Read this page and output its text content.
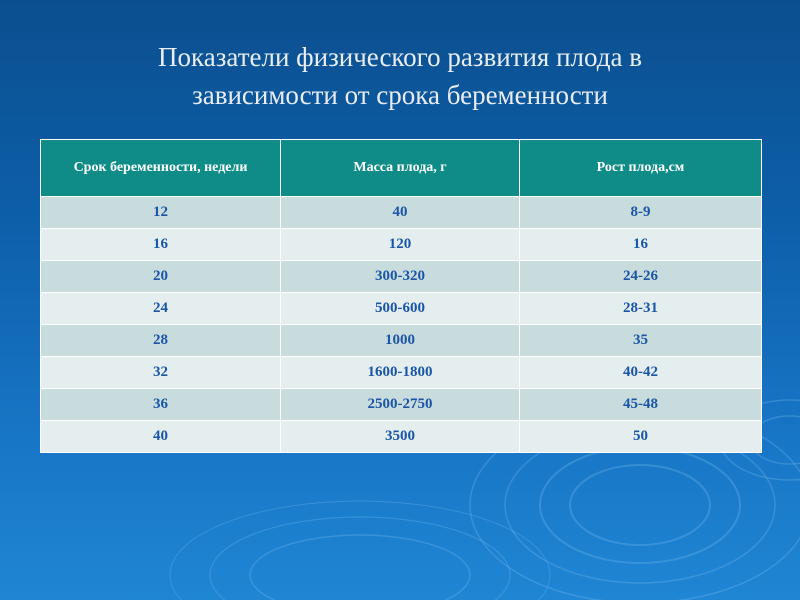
Показатели физического развития плода в
зависимости от срока беременности
Срок беременности, недели	Масса плода, г	Рост плода,см
12	40	8-9
16	120	16
20	300-320	24-26
24	500-600	28-31
28	1000	35
32	1600-1800	40-42
36	2500-2750	45-48
40	3500	50
